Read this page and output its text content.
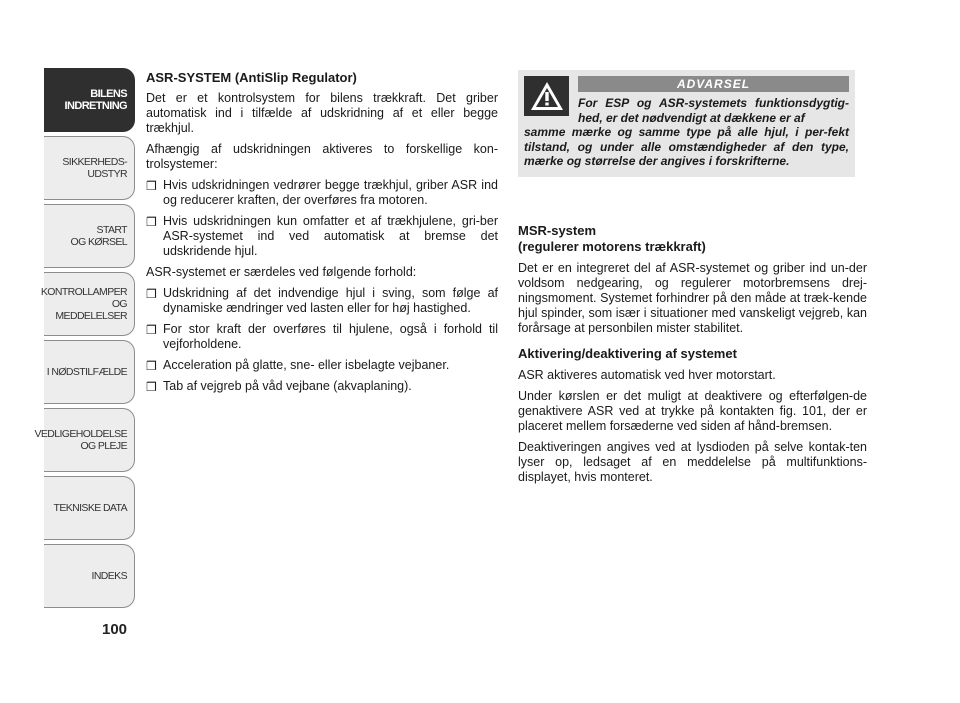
BILENS
INDRETNING
SIKKERHEDS-
UDSTYR
START
OG KØRSEL
KONTROLLAMPER
OG MEDDELELSER
I NØDSTILFÆLDE
VEDLIGEHOLDELSE
OG PLEJE
TEKNISKE DATA
INDEKS
100
ASR-SYSTEM (AntiSlip Regulator)

Det er et kontrolsystem for bilens trækkraft. Det griber automatisk ind i tilfælde af udskridning af et eller begge trækhjul.

Afhængig af udskridningen aktiveres to forskellige kon-trolsystemer:

❒ Hvis udskridningen vedrører begge trækhjul, griber ASR ind og reducerer kraften, der overføres fra motoren.
❒ Hvis udskridningen kun omfatter et af trækhjulene, gri-ber ASR-systemet ind ved automatisk at bremse det udskridende hjul.

ASR-systemet er særdeles ved følgende forhold:

❒ Udskridning af det indvendige hjul i sving, som følge af dynamiske ændringer ved lasten eller for høj hastighed.
❒ For stor kraft der overføres til hjulene, også i forhold til vejforholdene.
❒ Acceleration på glatte, sne- eller isbelagte vejbaner.
❒ Tab af vejgreb på våd vejbane (akvaplaning).
ADVARSEL
For ESP og ASR-systemets funktionsdygtig-hed, er det nødvendigt at dækkene er af
samme mærke og samme type på alle hjul, i per-fekt tilstand, og under alle omstændigheder af den type, mærke og størrelse der angives i forskrifterne.
MSR-system
(regulerer motorens trækkraft)

Det er en integreret del af ASR-systemet og griber ind un-der voldsom nedgearing, og regulerer motorbremsens drej-ningsmoment. Systemet forhindrer på den måde at træk-kende hjul spinder, som især i situationer med vanskeligt vejgreb, kan forårsage at personbilen mister stabilitet.

Aktivering/deaktivering af systemet

ASR aktiveres automatisk ved hver motorstart.

Under kørslen er det muligt at deaktivere og efterfølgen-de genaktivere ASR ved at trykke på kontakten fig. 101, der er placeret mellem forsæderne ved siden af hånd-bremsen.

Deaktiveringen angives ved at lysdioden på selve kontak-ten lyser op, ledsaget af en meddelelse på multifunktions-displayet, hvis monteret.
